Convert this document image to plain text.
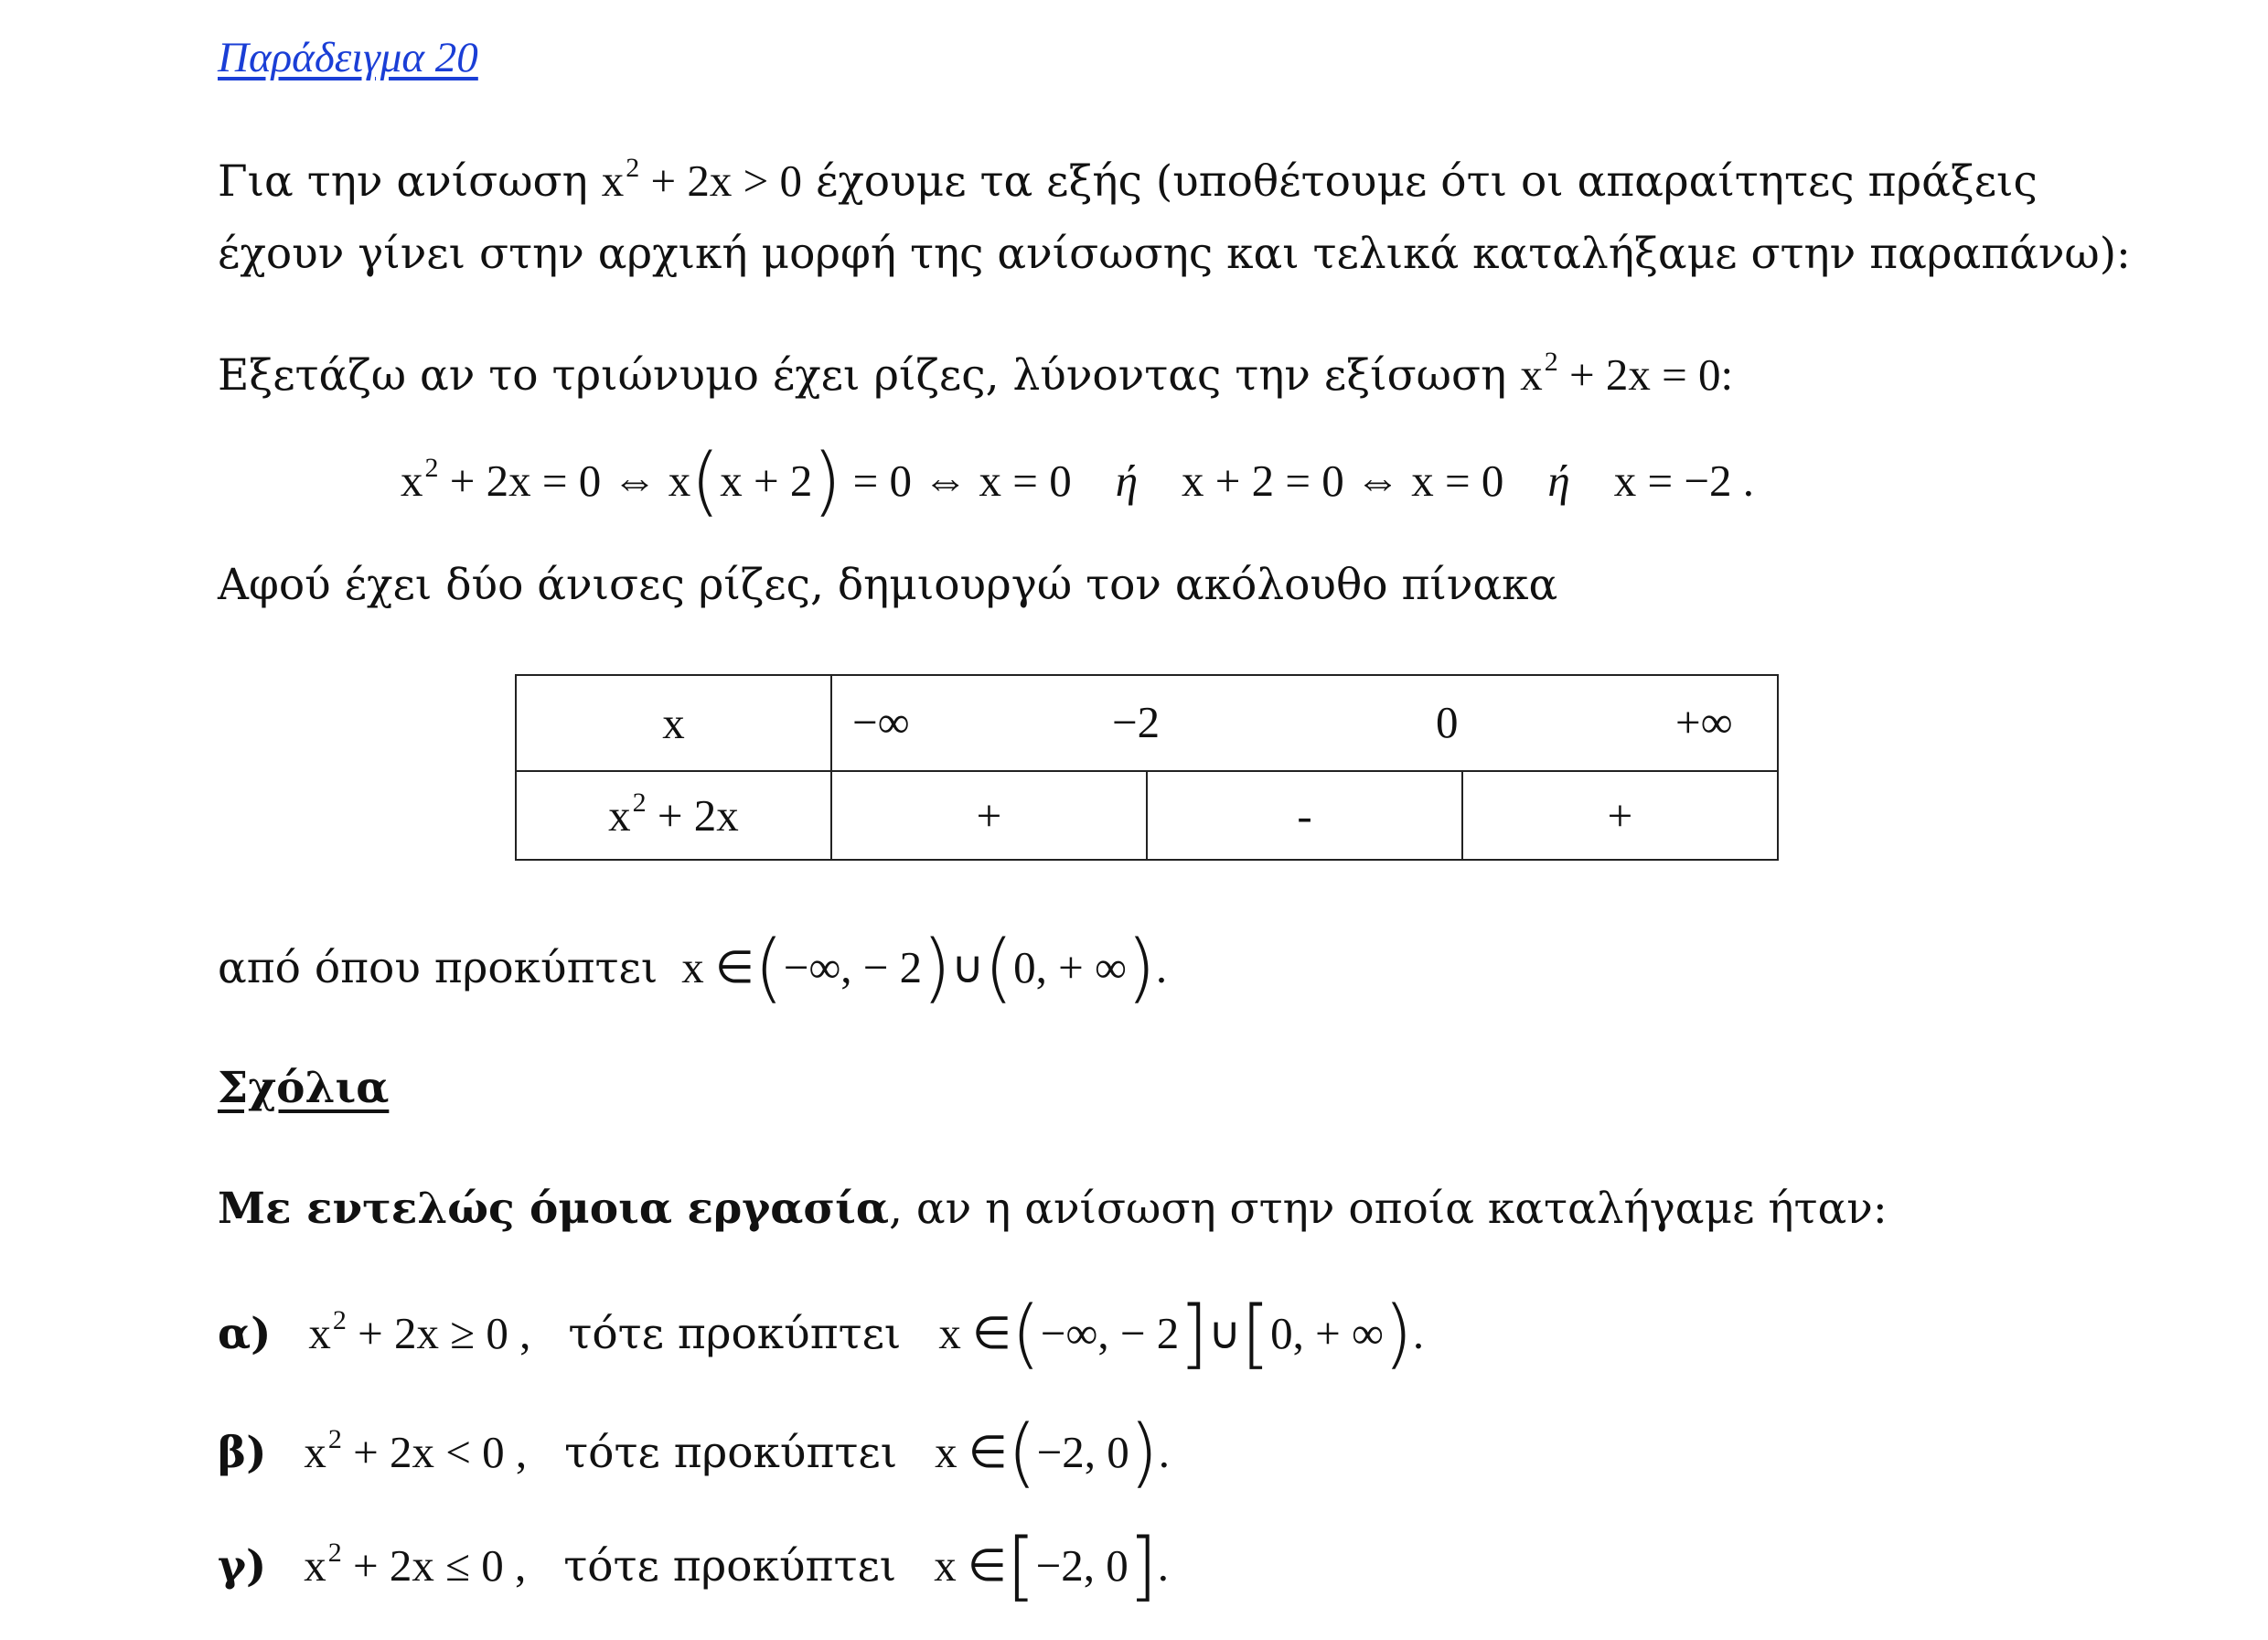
Παράδειγμα 20
Για την ανίσωση $x^2 + 2x > 0$ έχουμε τα εξής (υποθέτουμε ότι οι απαραίτητες πράξεις
έχουν γίνει στην αρχική μορφή της ανίσωσης και τελικά καταλήξαμε στην παραπάνω):
Εξετάζω αν το τριώνυμο έχει ρίζες, λύνοντας την εξίσωση $x^2 + 2x = 0$:
$x^2 + 2x = 0$ ⇔ x(x + 2) = 0 ⇔ x = 0 ή x + 2 = 0 ⇔ x = 0 ή x = −2 .
Αφού έχει δύο άνισες ρίζες, δημιουργώ τον ακόλουθο πίνακα
x	−∞ −2 0 +∞		

$x^2 + 2x$	+	-	+
από όπου προκύπτει x ∈(−∞, − 2)∪(0, + ∞).
Σχόλια
Με εντελώς όμοια εργασία, αν η ανίσωση στην οποία καταλήγαμε ήταν:
α) $x^2 + 2x \ge 0$ , τότε προκύπτει x ∈(−∞, − 2]∪[0, + ∞).
β) $x^2 + 2x < 0$ , τότε προκύπτει x ∈(−2, 0).
γ) $x^2 + 2x \le 0$ , τότε προκύπτει x ∈[−2, 0].
